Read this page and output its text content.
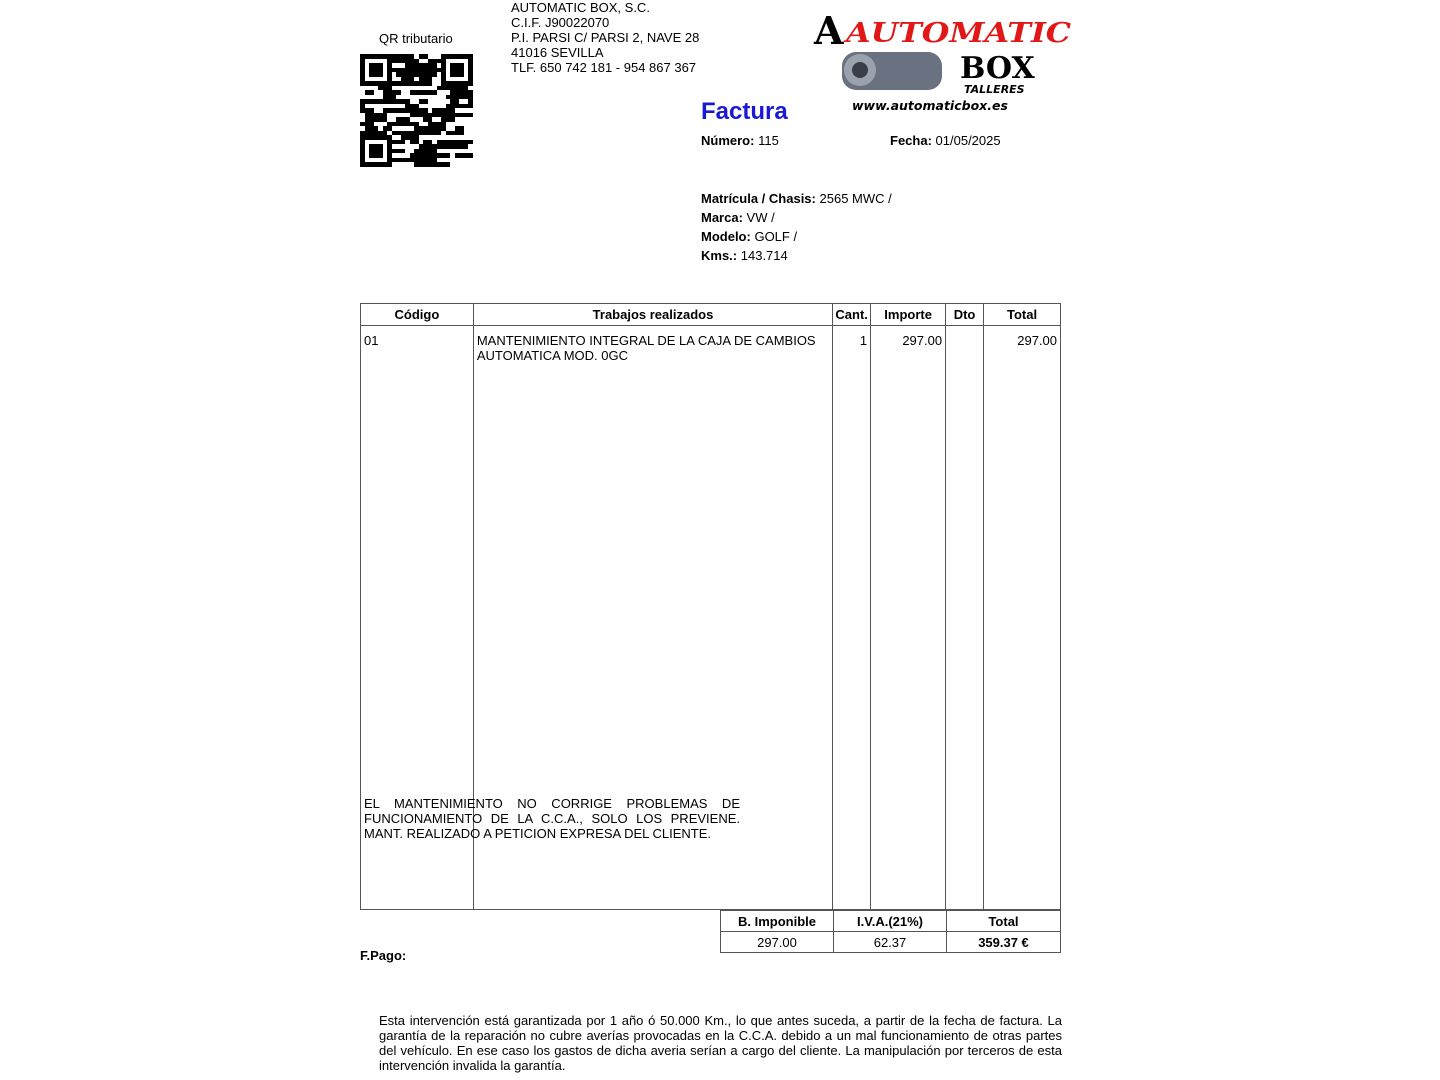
QR tributario
AUTOMATIC BOX, S.C.
C.I.F. J90022070
P.I. PARSI C/ PARSI 2, NAVE 28
41016 SEVILLA
TLF. 650 742 181 - 954 867 367
A
AUTOMATIC
BOX
TALLERES
www.automaticbox.es
Factura
Número: 115	Fecha: 01/05/2025
Matrícula / Chasis: 2565 MWC /
Marca: VW /
Modelo: GOLF /
Kms.: 143.714
Código	Trabajos realizados	Cant.	Importe	Dto	Total
01	MANTENIMIENTO INTEGRAL DE LA CAJA DE CAMBIOS AUTOMATICA MOD. 0GC	1	297.00		297.00
EL MANTENIMIENTO NO CORRIGE PROBLEMAS DE FUNCIONAMIENTO DE LA C.C.A., SOLO LOS PREVIENE. MANT. REALIZADO A PETICION EXPRESA DEL CLIENTE.
B. Imponible	I.V.A.(21%)	Total
297.00	62.37	359.37 €
F.Pago:
Esta intervención está garantizada por 1 año ó 50.000 Km., lo que antes suceda, a partir de la fecha de factura. La garantía de la reparación no cubre averías provocadas en la C.C.A. debido a un mal funcionamiento de otras partes del vehículo. En ese caso los gastos de dicha averia serían a cargo del cliente. La manipulación por terceros de esta intervención invalida la garantía.
